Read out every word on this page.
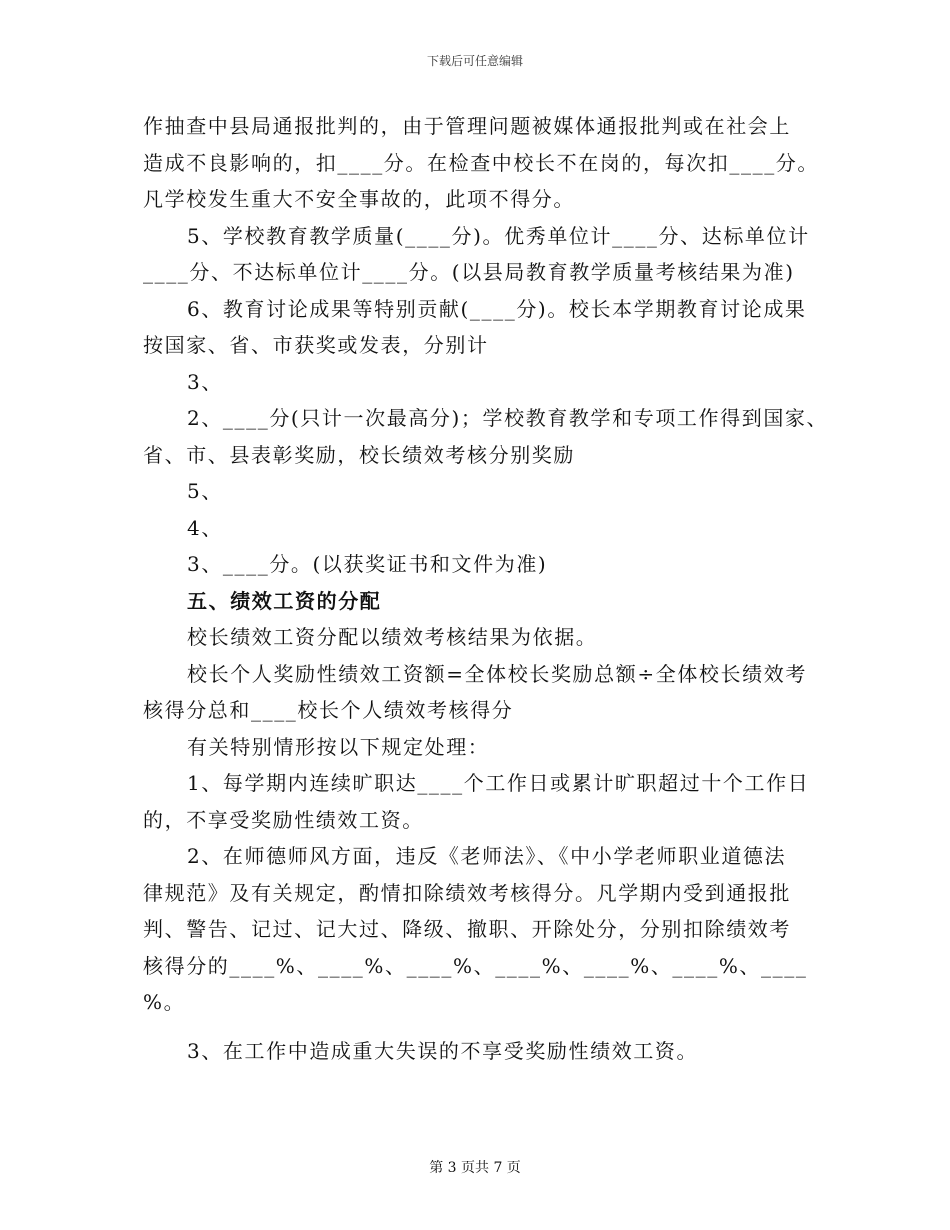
下载后可任意编辑

作抽查中县局通报批判的，由于管理问题被媒体通报批判或在社会上

造成不良影响的，扣____分。在检查中校长不在岗的，每次扣____分。

凡学校发生重大不安全事故的，此项不得分。

5、学校教育教学质量(____分)。优秀单位计____分、达标单位计

____分、不达标单位计____分。(以县局教育教学质量考核结果为准)

6、教育讨论成果等特别贡献(____分)。校长本学期教育讨论成果

按国家、省、市获奖或发表，分别计

3、

2、____分(只计一次最高分)；学校教育教学和专项工作得到国家、

省、市、县表彰奖励，校长绩效考核分别奖励

5、

4、

3、____分。(以获奖证书和文件为准)

五、绩效工资的分配

校长绩效工资分配以绩效考核结果为依据。

校长个人奖励性绩效工资额=全体校长奖励总额÷全体校长绩效考

核得分总和____校长个人绩效考核得分

有关特别情形按以下规定处理：

1、每学期内连续旷职达____个工作日或累计旷职超过十个工作日

的，不享受奖励性绩效工资。

2、在师德师风方面，违反《老师法》、《中小学老师职业道德法

律规范》及有关规定，酌情扣除绩效考核得分。凡学期内受到通报批

判、警告、记过、记大过、降级、撤职、开除处分，分别扣除绩效考

核得分的____%、____%、____%、____%、____%、____%、____

%。

3、在工作中造成重大失误的不享受奖励性绩效工资。

第 3 页共 7 页
